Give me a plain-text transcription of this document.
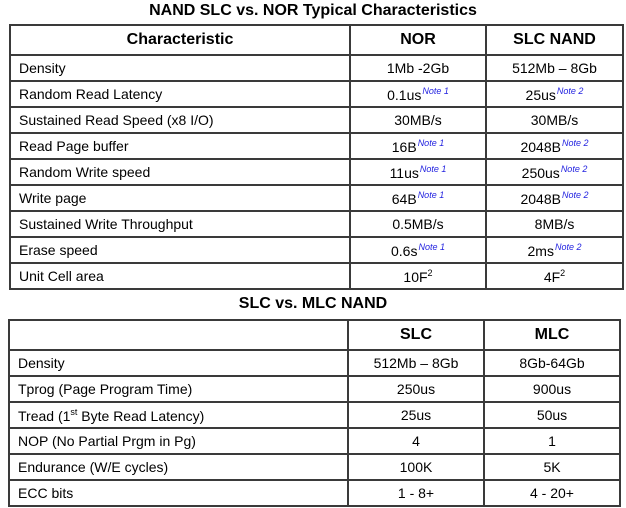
NAND SLC vs. NOR Typical Characteristics
Characteristic	NOR	SLC NAND
Density	1Mb -2Gb	512Mb – 8Gb
Random Read Latency	0.1us$^{Note 1}$	25us$^{Note 2}$
Sustained Read Speed (x8 I/O)	30MB/s	30MB/s
Read Page buffer	16B$^{Note 1}$	2048B$^{Note 2}$
Random Write speed	11us$^{Note 1}$	250us$^{Note 2}$
Write page	64B$^{Note 1}$	2048B$^{Note 2}$
Sustained Write Throughput	0.5MB/s	8MB/s
Erase speed	0.6s$^{Note 1}$	2ms$^{Note 2}$
Unit Cell area	$10F^2$	$4F^2$
SLC vs. MLC NAND
	SLC	MLC
Density	512Mb – 8Gb	8Gb-64Gb
Tprog (Page Program Time)	250us	900us
Tread (1st Byte Read Latency)	25us	50us
NOP (No Partial Prgm in Pg)	4	1
Endurance (W/E cycles)	100K	5K
ECC bits	1 - 8+	4 - 20+
